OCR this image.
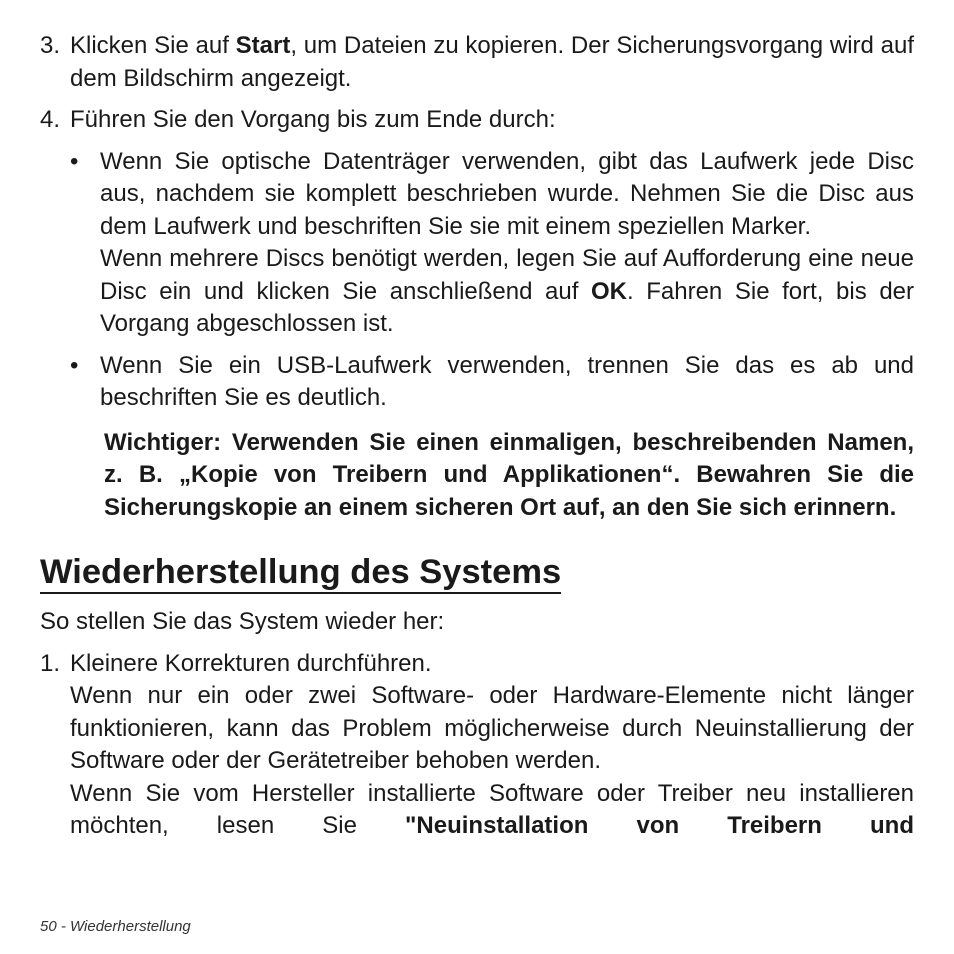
3. Klicken Sie auf Start, um Dateien zu kopieren. Der Sicherungsvorgang wird auf dem Bildschirm angezeigt.

4. Führen Sie den Vorgang bis zum Ende durch:

• Wenn Sie optische Datenträger verwenden, gibt das Laufwerk jede Disc aus, nachdem sie komplett beschrieben wurde. Nehmen Sie die Disc aus dem Laufwerk und beschriften Sie sie mit einem speziellen Marker.

Wenn mehrere Discs benötigt werden, legen Sie auf Aufforderung eine neue Disc ein und klicken Sie anschließend auf OK. Fahren Sie fort, bis der Vorgang abgeschlossen ist.

• Wenn Sie ein USB-Laufwerk verwenden, trennen Sie das es ab und beschriften Sie es deutlich.

Wichtiger: Verwenden Sie einen einmaligen, beschreibenden Namen, z. B. „Kopie von Treibern und Applikationen“. Bewahren Sie die Sicherungskopie an einem sicheren Ort auf, an den Sie sich erinnern.

Wiederherstellung des Systems

So stellen Sie das System wieder her:

1. Kleinere Korrekturen durchführen.

Wenn nur ein oder zwei Software- oder Hardware-Elemente nicht länger funktionieren, kann das Problem möglicherweise durch Neuinstallierung der Software oder der Gerätetreiber behoben werden.

Wenn Sie vom Hersteller installierte Software oder Treiber neu installieren möchten, lesen Sie "Neuinstallation von Treibern und

50 - Wiederherstellung
